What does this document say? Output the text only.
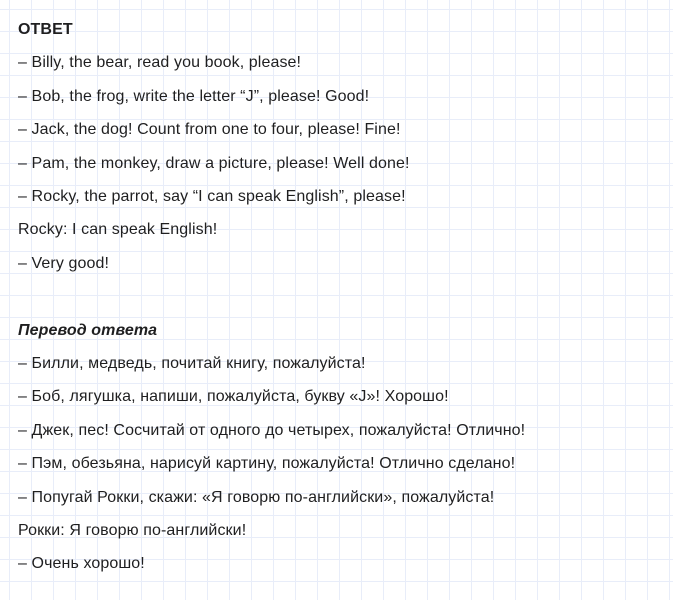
ОТВЕТ

– Billy, the bear, read you book, please!

– Bob, the frog, write the letter “J”, please! Good!

– Jack, the dog! Count from one to four, please! Fine!

– Pam, the monkey, draw a picture, please! Well done!

– Rocky, the parrot, say “I can speak English”, please!

Rocky: I can speak English!

– Very good!

Перевод ответа

– Билли, медведь, почитай книгу, пожалуйста!

– Боб, лягушка, напиши, пожалуйста, букву «J»! Хорошо!

– Джек, пес! Сосчитай от одного до четырех, пожалуйста! Отлично!

– Пэм, обезьяна, нарисуй картину, пожалуйста! Отлично сделано!

– Попугай Рокки, скажи: «Я говорю по-английски», пожалуйста!

Рокки: Я говорю по-английски!

– Очень хорошо!
